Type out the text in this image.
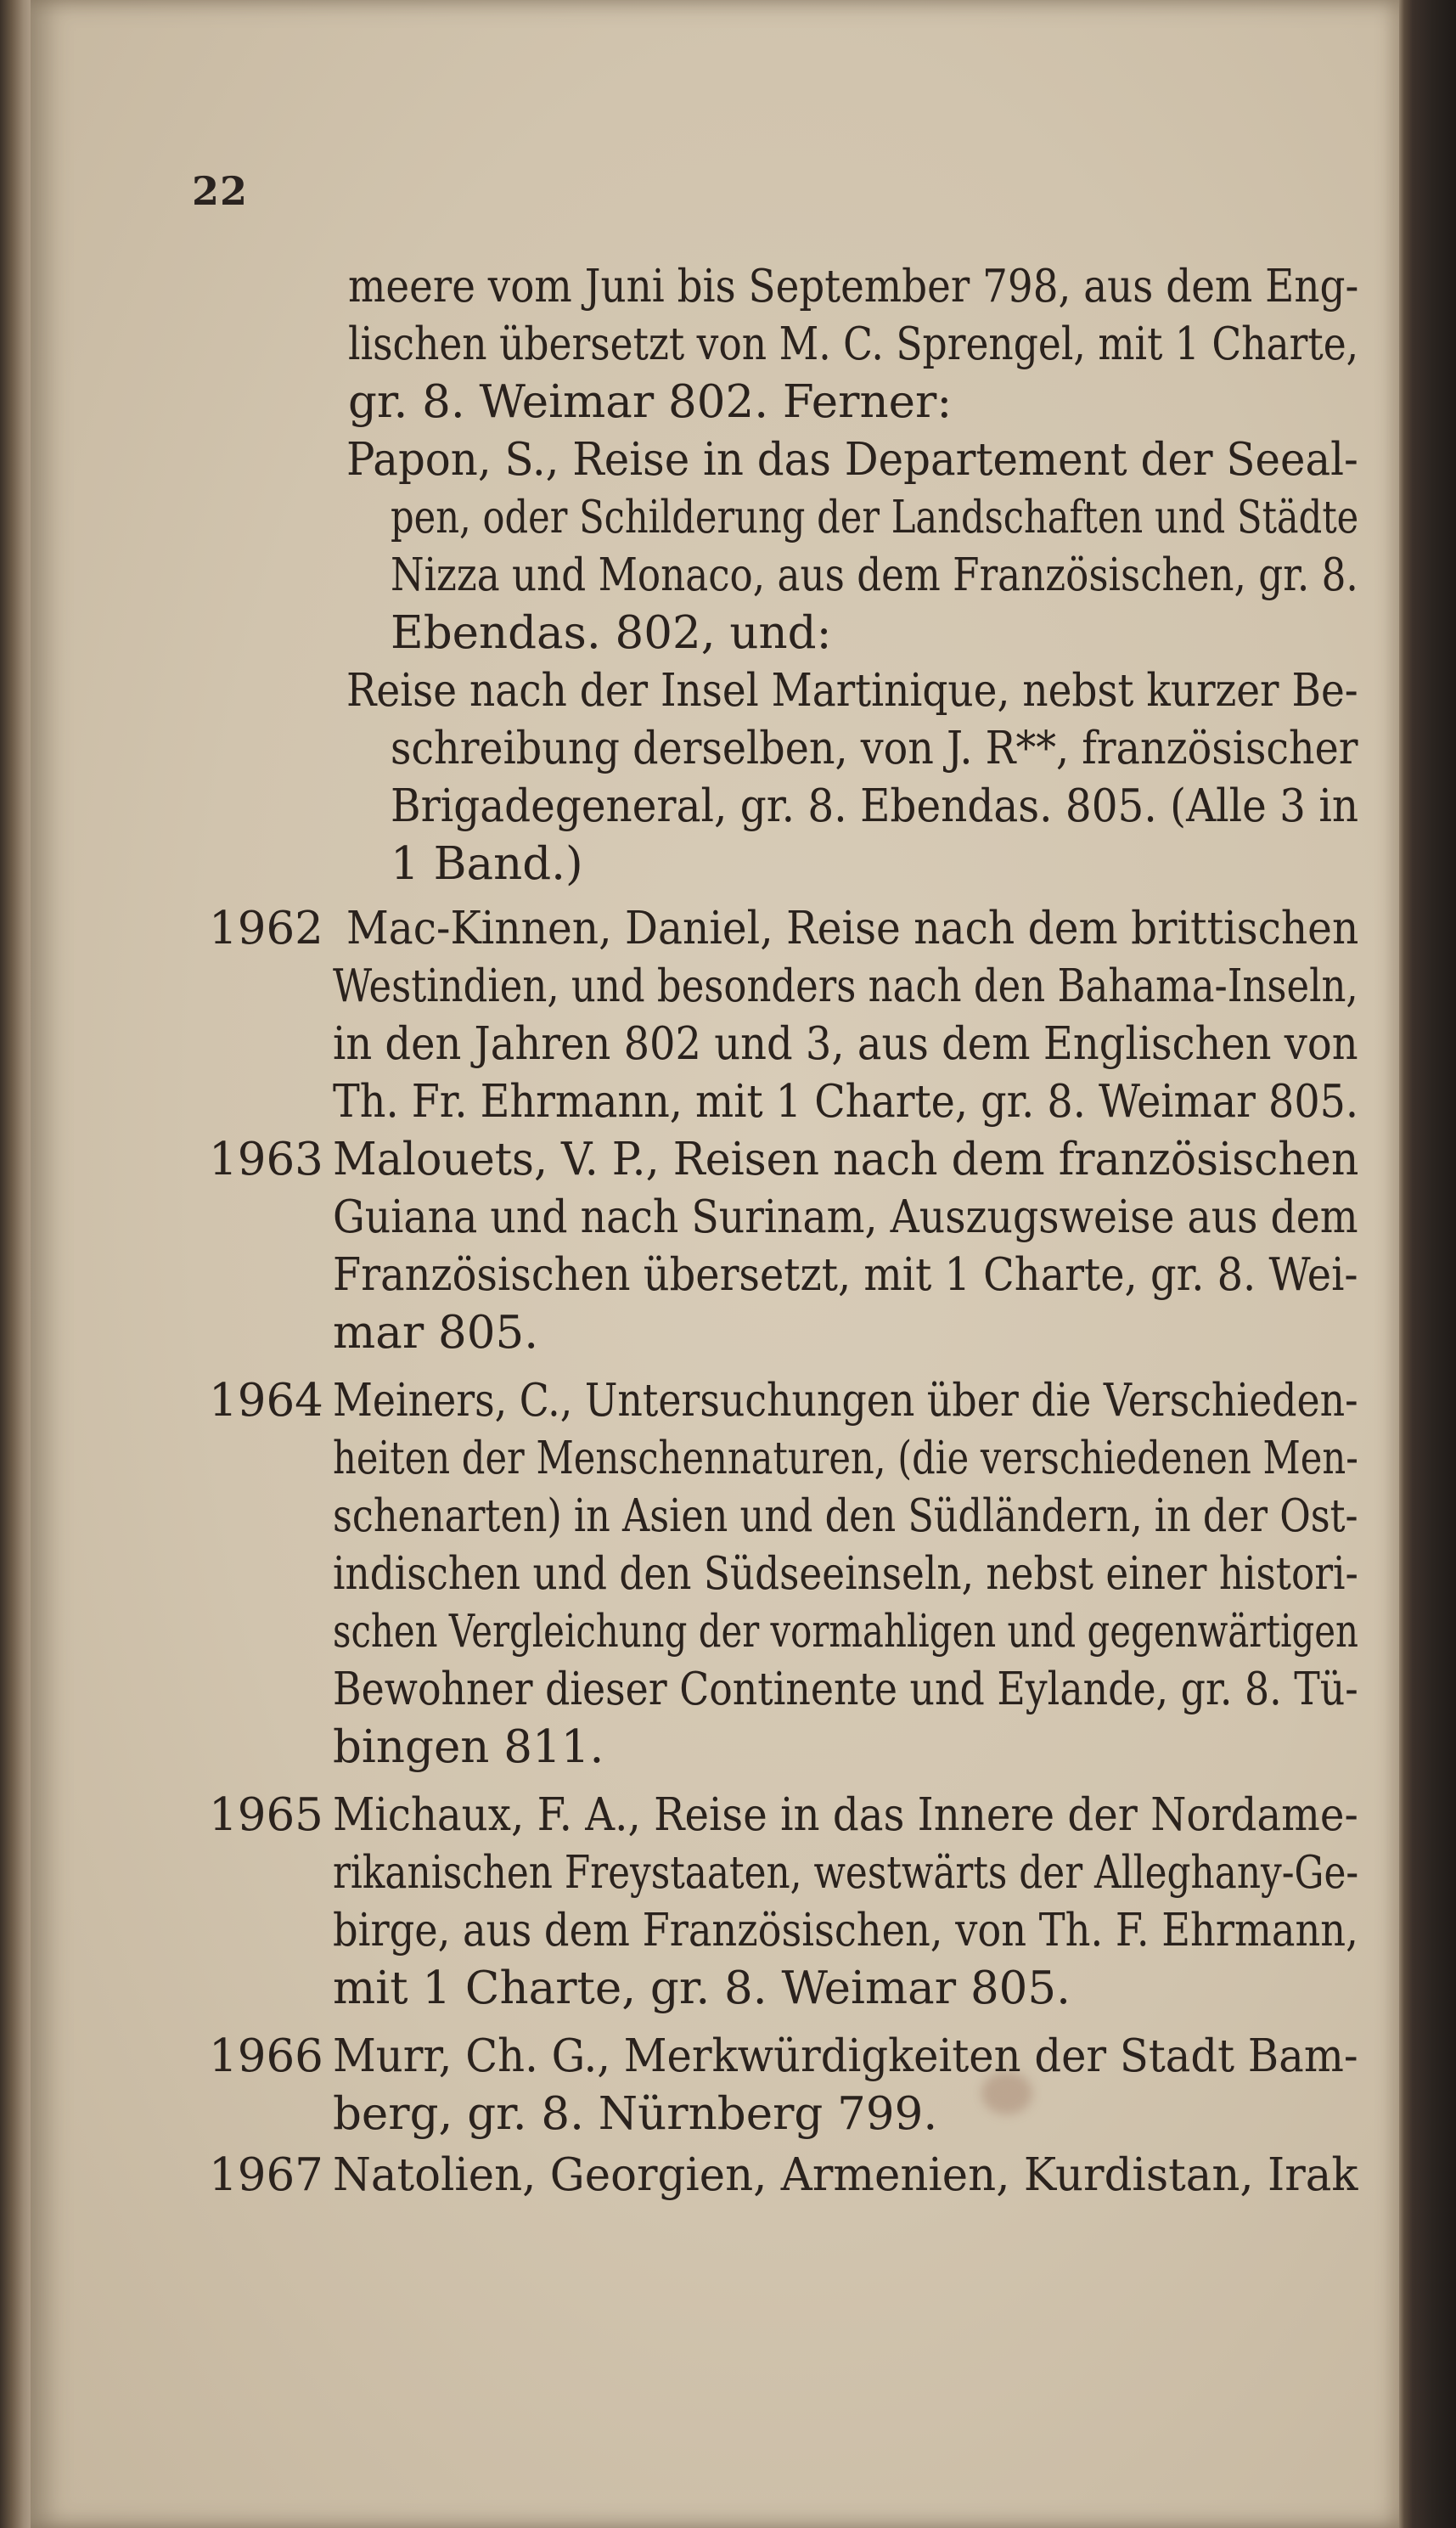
22
meere vom Juni bis September 798, aus dem Eng-
lischen übersetzt von M. C. Sprengel, mit 1 Charte,
gr. 8. Weimar 802. Ferner:
Papon, S., Reise in das Departement der Seeal-
pen, oder Schilderung der Landschaften und Städte
Nizza und Monaco, aus dem Französischen, gr. 8.
Ebendas. 802, und:
Reise nach der Insel Martinique, nebst kurzer Be-
schreibung derselben, von J. R**, französischer
Brigadegeneral, gr. 8. Ebendas. 805. (Alle 3 in
1 Band.)
1962 Mac-Kinnen, Daniel, Reise nach dem brittischen
Westindien, und besonders nach den Bahama-Inseln,
in den Jahren 802 und 3, aus dem Englischen von
Th. Fr. Ehrmann, mit 1 Charte, gr. 8. Weimar 805.
1963 Malouets, V. P., Reisen nach dem französischen
Guiana und nach Surinam, Auszugsweise aus dem
Französischen übersetzt, mit 1 Charte, gr. 8. Wei-
mar 805.
1964 Meiners, C., Untersuchungen über die Verschieden-
heiten der Menschennaturen, (die verschiedenen Men-
schenarten) in Asien und den Südländern, in der Ost-
indischen und den Südseeinseln, nebst einer histori-
schen Vergleichung der vormahligen und gegenwärtigen
Bewohner dieser Continente und Eylande, gr. 8. Tü-
bingen 811.
1965 Michaux, F. A., Reise in das Innere der Nordame-
rikanischen Freystaaten, westwärts der Alleghany-Ge-
birge, aus dem Französischen, von Th. F. Ehrmann,
mit 1 Charte, gr. 8. Weimar 805.
1966 Murr, Ch. G., Merkwürdigkeiten der Stadt Bam-
berg, gr. 8. Nürnberg 799.
1967 Natolien, Georgien, Armenien, Kurdistan, Irak
